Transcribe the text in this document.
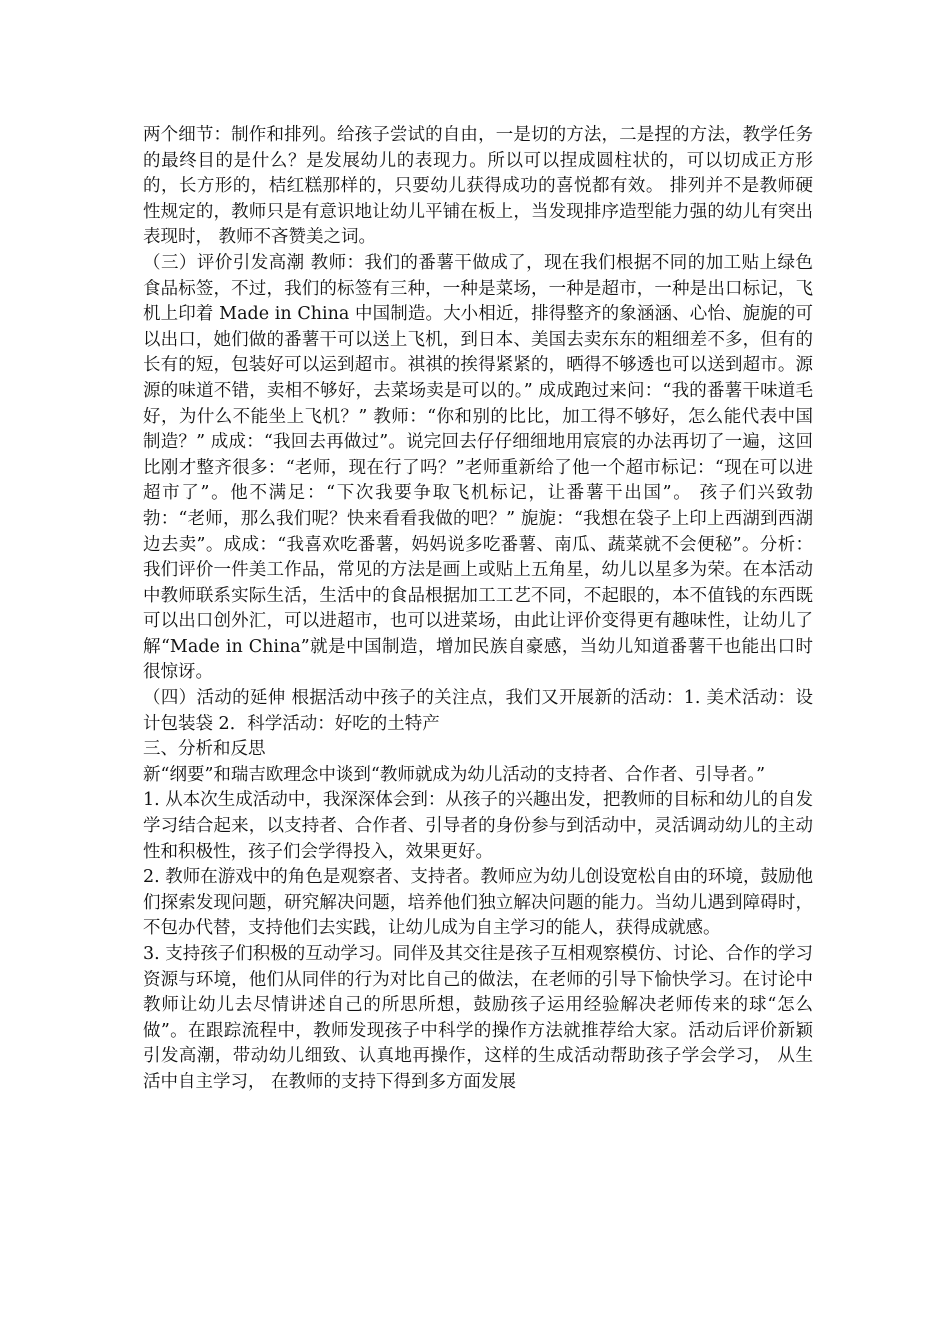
两个细节：制作和排列。给孩子尝试的自由，一是切的方法，二是捏的方法，教学任务的最终目的是什么？是发展幼儿的表现力。所以可以捏成圆柱状的，可以切成正方形的，长方形的，桔红糕那样的，只要幼儿获得成功的喜悦都有效。 排列并不是教师硬性规定的，教师只是有意识地让幼儿平铺在板上，当发现排序造型能力强的幼儿有突出表现时， 教师不吝赞美之词。

（三）评价引发高潮 教师：我们的番薯干做成了，现在我们根据不同的加工贴上绿色食品标签，不过，我们的标签有三种，一种是菜场，一种是超市，一种是出口标记，飞机上印着 Made in China 中国制造。大小相近，排得整齐的象涵涵、心怡、旎旎的可以出口，她们做的番薯干可以送上飞机，到日本、美国去卖东东的粗细差不多，但有的长有的短，包装好可以运到超市。祺祺的挨得紧紧的，晒得不够透也可以送到超市。源源的味道不错，卖相不够好，去菜场卖是可以的。” 成成跑过来问：“我的番薯干味道毛好，为什么不能坐上飞机？” 教师：“你和别的比比，加工得不够好，怎么能代表中国制造？” 成成：“我回去再做过”。说完回去仔仔细细地用宸宸的办法再切了一遍，这回比刚才整齐很多：“老师，现在行了吗？”老师重新给了他一个超市标记：“现在可以进超市了”。他不满足：“下次我要争取飞机标记，让番薯干出国”。 孩子们兴致勃勃：“老师，那么我们呢？快来看看我做的吧？” 旎旎：“我想在袋子上印上西湖到西湖边去卖”。成成：“我喜欢吃番薯，妈妈说多吃番薯、南瓜、蔬菜就不会便秘”。分析： 我们评价一件美工作品，常见的方法是画上或贴上五角星，幼儿以星多为荣。在本活动中教师联系实际生活，生活中的食品根据加工工艺不同，不起眼的，本不值钱的东西既可以出口创外汇，可以进超市，也可以进菜场，由此让评价变得更有趣味性，让幼儿了解“Made in China”就是中国制造，增加民族自豪感，当幼儿知道番薯干也能出口时很惊讶。

（四）活动的延伸 根据活动中孩子的关注点，我们又开展新的活动：1. 美术活动：设计包装袋 2．科学活动：好吃的土特产

三、分析和反思

新“纲要”和瑞吉欧理念中谈到“教师就成为幼儿活动的支持者、合作者、引导者。”

1. 从本次生成活动中，我深深体会到：从孩子的兴趣出发，把教师的目标和幼儿的自发学习结合起来，以支持者、合作者、引导者的身份参与到活动中，灵活调动幼儿的主动性和积极性，孩子们会学得投入，效果更好。

2. 教师在游戏中的角色是观察者、支持者。教师应为幼儿创设宽松自由的环境，鼓励他们探索发现问题，研究解决问题，培养他们独立解决问题的能力。当幼儿遇到障碍时，不包办代替，支持他们去实践，让幼儿成为自主学习的能人，获得成就感。

3. 支持孩子们积极的互动学习。同伴及其交往是孩子互相观察模仿、讨论、合作的学习资源与环境，他们从同伴的行为对比自己的做法，在老师的引导下愉快学习。在讨论中教师让幼儿去尽情讲述自己的所思所想，鼓励孩子运用经验解决老师传来的球“怎么做”。在跟踪流程中，教师发现孩子中科学的操作方法就推荐给大家。活动后评价新颖引发高潮，带动幼儿细致、认真地再操作，这样的生成活动帮助孩子学会学习， 从生活中自主学习， 在教师的支持下得到多方面发展
